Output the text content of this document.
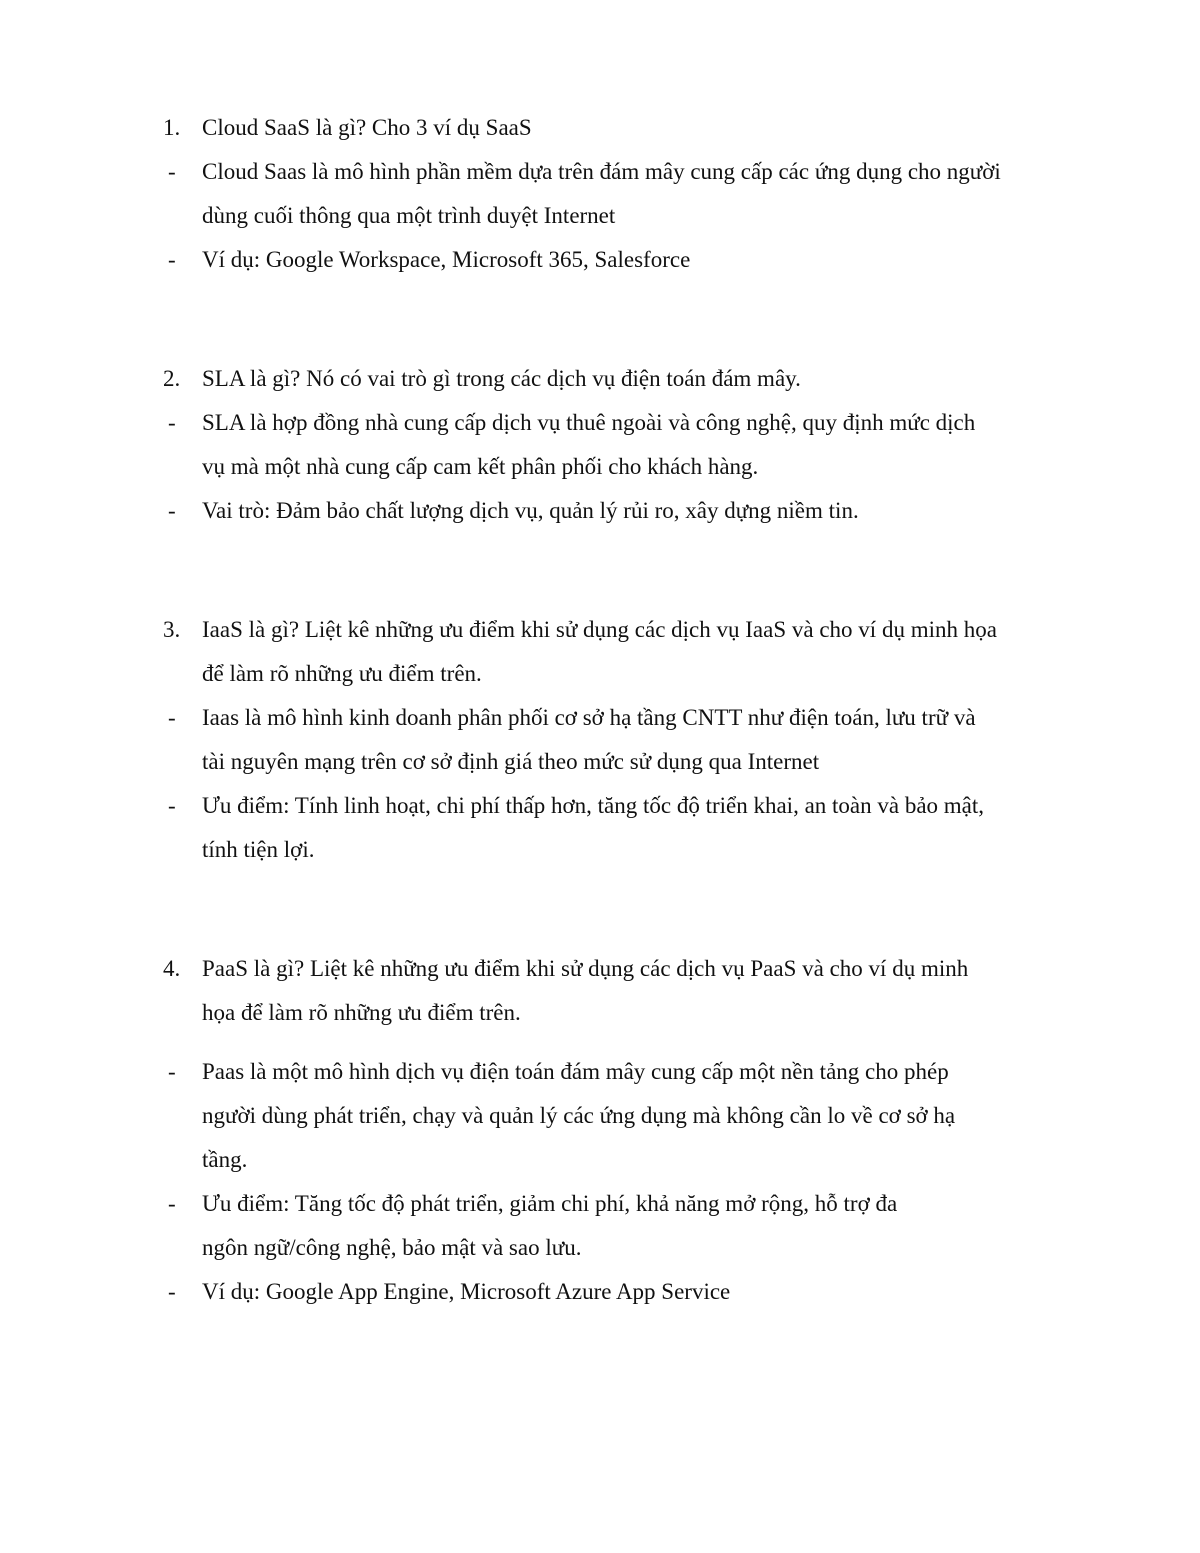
1. Cloud SaaS là gì? Cho 3 ví dụ SaaS
-	Cloud Saas là mô hình phần mềm dựa trên đám mây cung cấp các ứng dụng cho người
dùng cuối thông qua một trình duyệt Internet
-	Ví dụ: Google Workspace, Microsoft 365, Salesforce
2. SLA là gì? Nó có vai trò gì trong các dịch vụ điện toán đám mây.
-	SLA là hợp đồng nhà cung cấp dịch vụ thuê ngoài và công nghệ, quy định mức dịch
vụ mà một nhà cung cấp cam kết phân phối cho khách hàng.
-	Vai trò: Đảm bảo chất lượng dịch vụ, quản lý rủi ro, xây dựng niềm tin.
3. IaaS là gì? Liệt kê những ưu điểm khi sử dụng các dịch vụ IaaS và cho ví dụ minh họa
để làm rõ những ưu điểm trên.
-	Iaas là mô hình kinh doanh phân phối cơ sở hạ tầng CNTT như điện toán, lưu trữ và
tài nguyên mạng trên cơ sở định giá theo mức sử dụng qua Internet
-	Ưu điểm: Tính linh hoạt, chi phí thấp hơn, tăng tốc độ triển khai, an toàn và bảo mật,
tính tiện lợi.
4. PaaS là gì? Liệt kê những ưu điểm khi sử dụng các dịch vụ PaaS và cho ví dụ minh
họa để làm rõ những ưu điểm trên.
-	Paas là một mô hình dịch vụ điện toán đám mây cung cấp một nền tảng cho phép
người dùng phát triển, chạy và quản lý các ứng dụng mà không cần lo về cơ sở hạ
tầng.
-	Ưu điểm: Tăng tốc độ phát triển, giảm chi phí, khả năng mở rộng, hỗ trợ đa
ngôn ngữ/công nghệ, bảo mật và sao lưu.
-	Ví dụ: Google App Engine, Microsoft Azure App Service
